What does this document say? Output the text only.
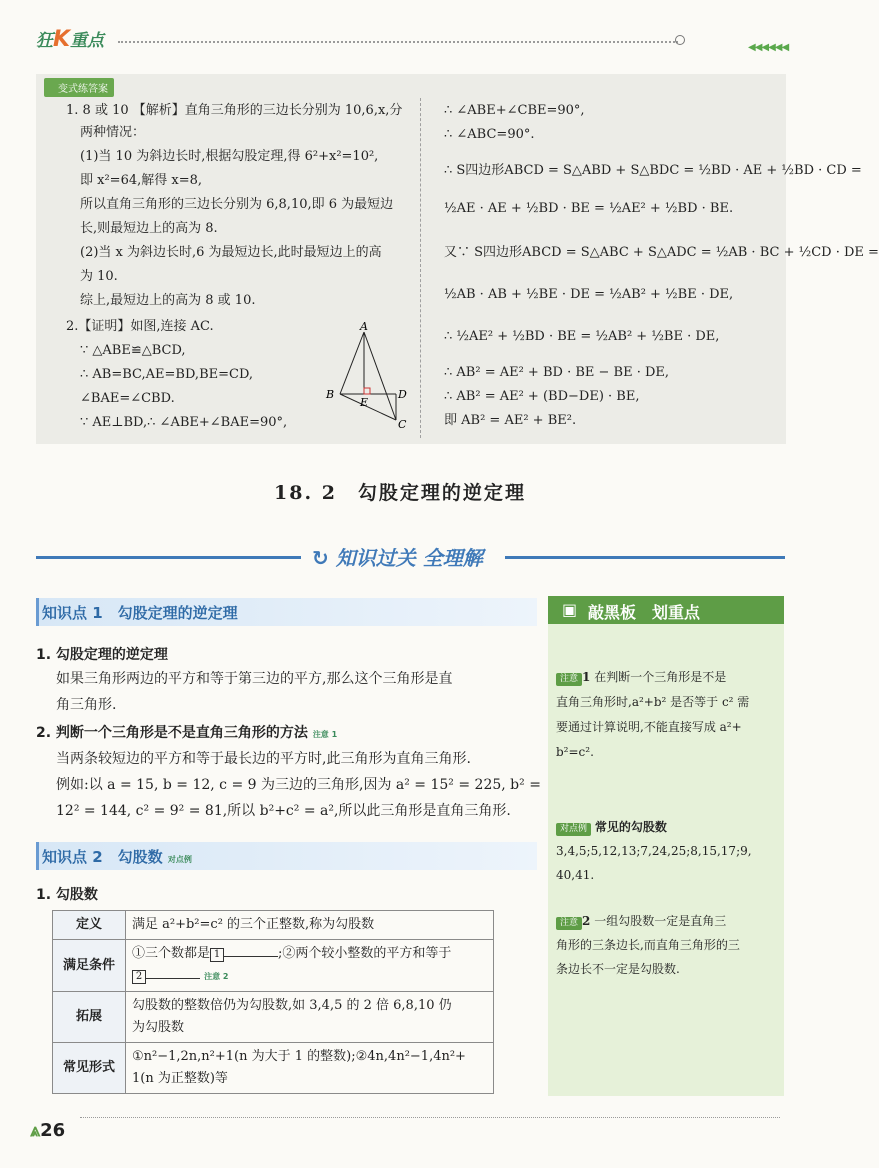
狂K重点	◀◀◀◀◀◀
变式练答案
1. 8 或 10 【解析】直角三角形的三边长分别为 10,6,x,分
两种情况：
(1)当 10 为斜边长时,根据勾股定理,得 6²+x²=10²,
即 x²=64,解得 x=8,
所以直角三角形的三边长分别为 6,8,10,即 6 为最短边
长,则最短边上的高为 8.
(2)当 x 为斜边长时,6 为最短边长,此时最短边上的高
为 10.
综上,最短边上的高为 8 或 10.
2.【证明】如图,连接 AC.
∵ △ABE≌△BCD,
∴ AB=BC,AE=BD,BE=CD,
∠BAE=∠CBD.
∵ AE⊥BD,∴ ∠ABE+∠BAE=90°,
A
B
E
D
C
∴ ∠ABE+∠CBE=90°,
∴ ∠ABC=90°.
∴ S四边形ABCD = S△ABD + S△BDC = ½BD · AE + ½BD · CD =
½AE · AE + ½BD · BE = ½AE² + ½BD · BE.
又∵ S四边形ABCD = S△ABC + S△ADC = ½AB · BC + ½CD · DE =
½AB · AB + ½BE · DE = ½AB² + ½BE · DE,
∴ ½AE² + ½BD · BE = ½AB² + ½BE · DE,
∴ AB² = AE² + BD · BE − BE · DE,
∴ AB² = AE² + (BD−DE) · BE,
即 AB² = AE² + BE².
18. 2　勾股定理的逆定理
↻ 知识过关 全理解
知识点 1　勾股定理的逆定理
1. 勾股定理的逆定理
如果三角形两边的平方和等于第三边的平方,那么这个三角形是直
角三角形.
2. 判断一个三角形是不是直角三角形的方法 注意 1
当两条较短边的平方和等于最长边的平方时,此三角形为直角三角形.
例如:以 a = 15, b = 12, c = 9 为三边的三角形,因为 a² = 15² = 225, b² =
12² = 144, c² = 9² = 81,所以 b²+c² = a²,所以此三角形是直角三角形.
知识点 2　勾股数 对点例
1. 勾股数
定义	满足 a²+b²=c² 的三个正整数,称为勾股数
满足条件	①三个数都是 1 ;②两个较小整数的平方和等于
2 注意 2

拓展	勾股数的整数倍仍为勾股数,如 3,4,5 的 2 倍 6,8,10 仍
为勾股数

常见形式	①n²−1,2n,n²+1(n 为大于 1 的整数);②4n,4n²−1,4n²+
1(n 为正整数)等
敲黑板　划重点
▣
注意 1 在判断一个三角形是不是
直角三角形时,a²+b² 是否等于 c² 需
要通过计算说明,不能直接写成 a²+
b²=c².
对点例 常见的勾股数
3,4,5;5,12,13;7,24,25;8,15,17;9,
40,41.
注意 2 一组勾股数一定是直角三
角形的三条边长,而直角三角形的三
条边长不一定是勾股数.
⩓26
